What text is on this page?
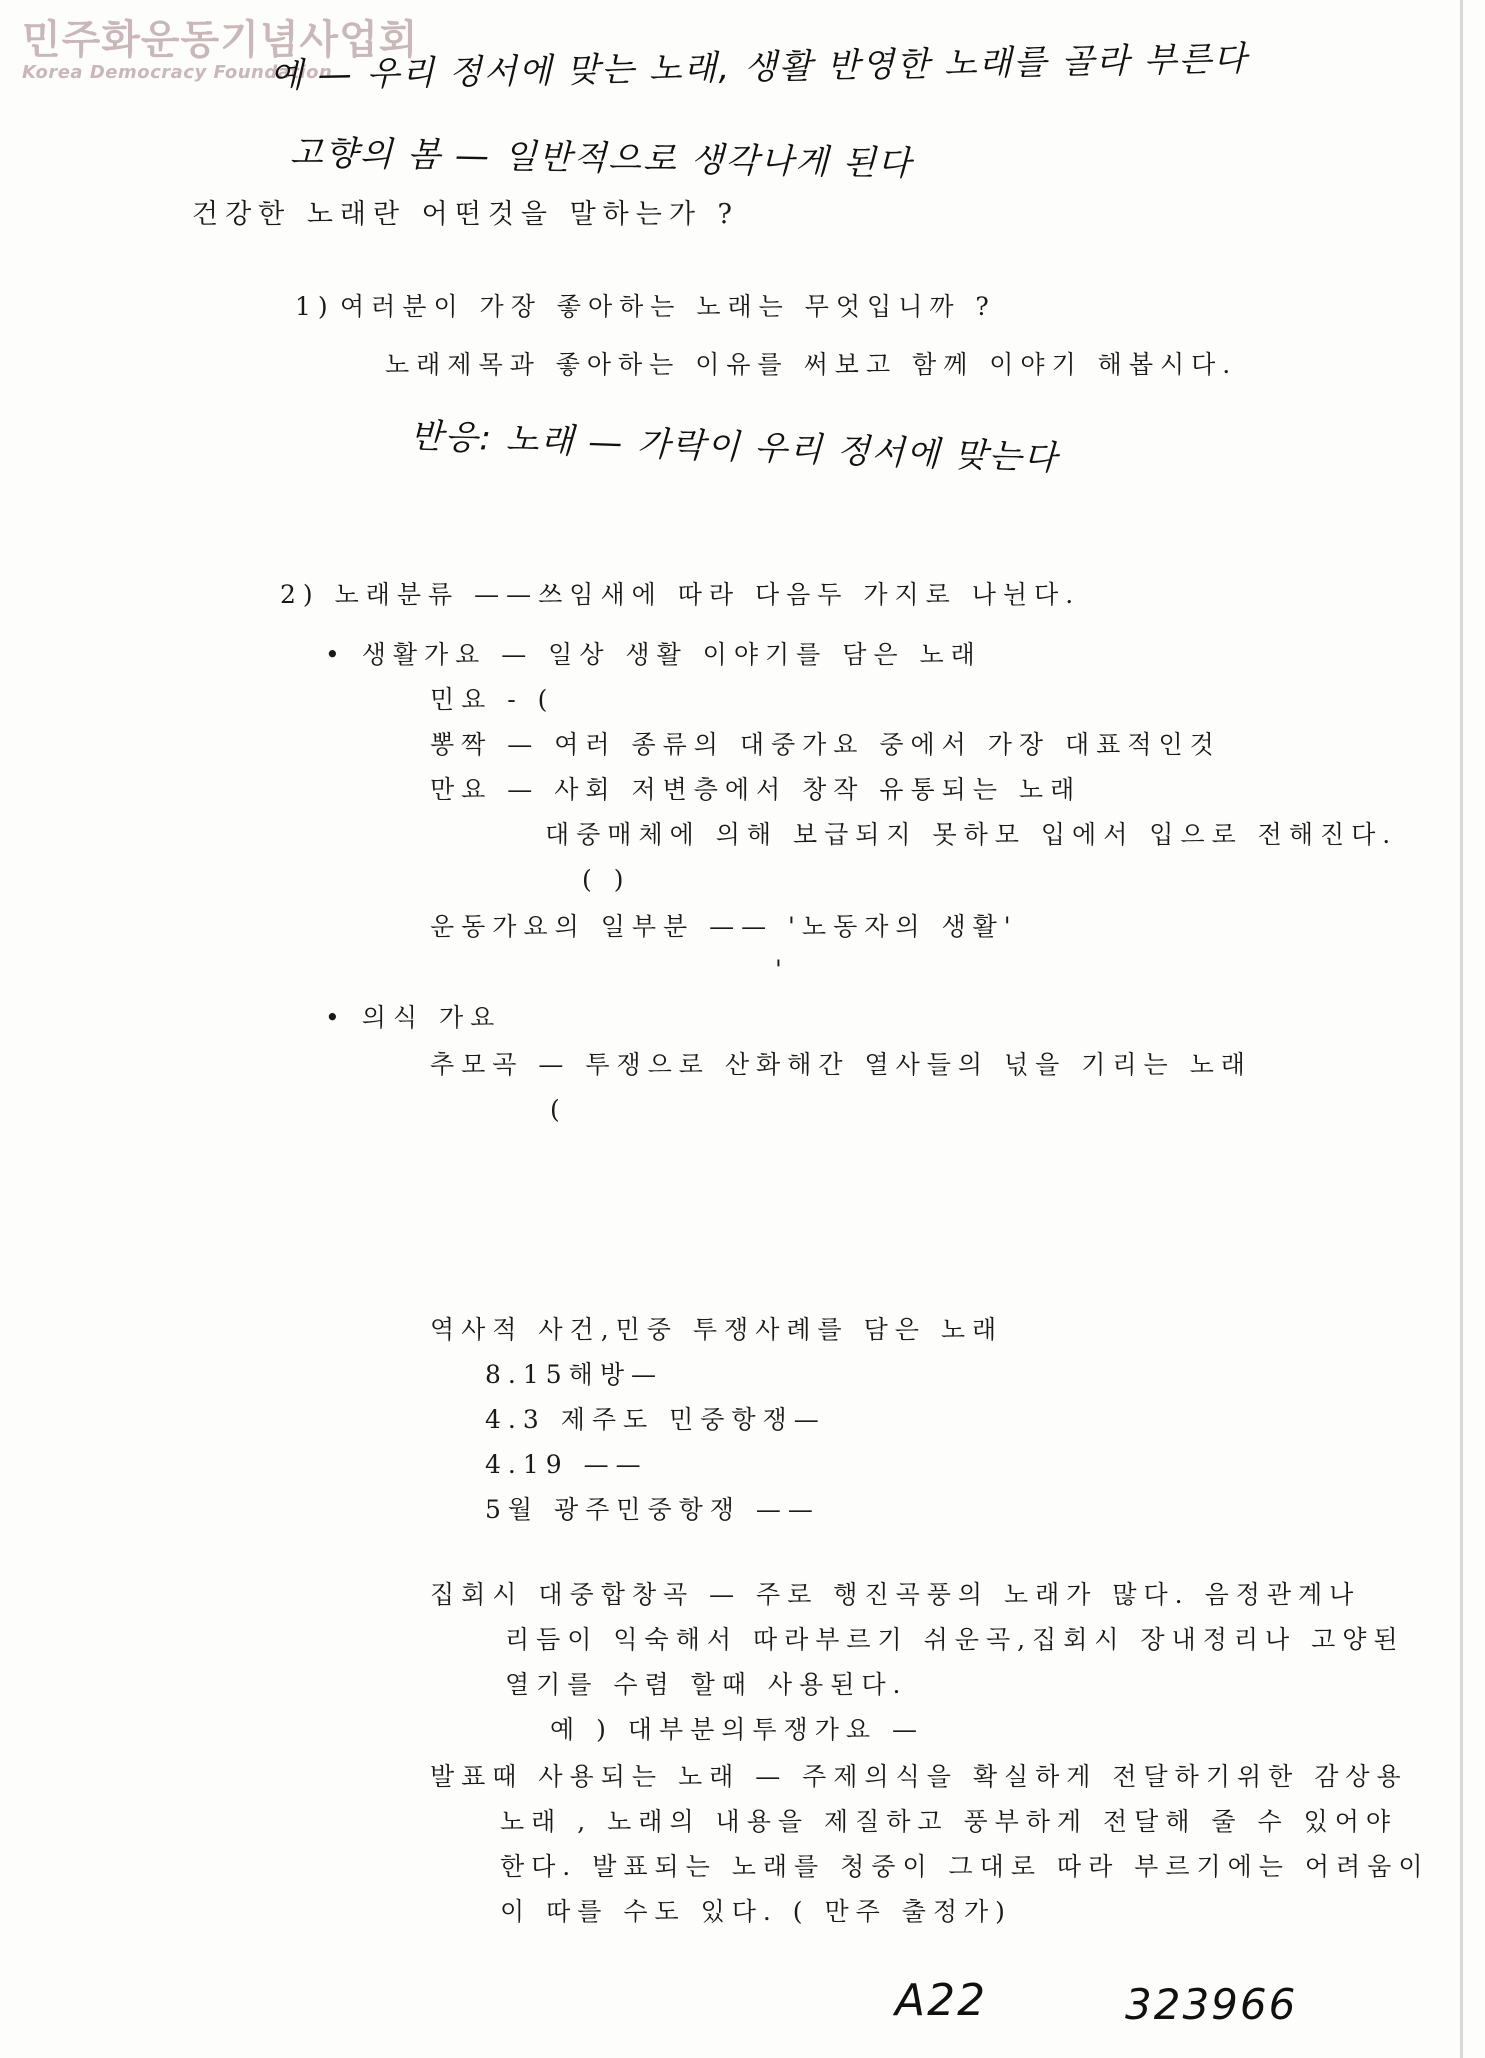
민주화운동기념사업회
Korea Democracy Foundation
예 — 우리 정서에 맞는 노래, 생활 반영한 노래를 골라 부른다
고향의 봄 — 일반적으로 생각나게 된다
건강한 노래란 어떤것을 말하는가 ?
1) 여러분이 가장 좋아하는 노래는 무엇입니까 ?
노래제목과 좋아하는 이유를 써보고 함께 이야기 해봅시다.
반응: 노래 — 가락이 우리 정서에 맞는다
2) 노래분류 ——쓰임새에 따라 다음두 가지로 나뉜다.
• 생활가요 — 일상 생활 이야기를 담은 노래
민요 - (
뽕짝 — 여러 종류의 대중가요 중에서 가장 대표적인것
만요 — 사회 저변층에서 창작 유통되는 노래
대중매체에 의해 보급되지 못하모 입에서 입으로 전해진다.
( )
운동가요의 일부분 —— '노동자의 생활'
'
• 의식 가요
추모곡 — 투쟁으로 산화해간 열사들의 넋을 기리는 노래
(
역사적 사건,민중 투쟁사례를 담은 노래
8.15해방—
4.3 제주도 민중항쟁—
4.19 ——
5월 광주민중항쟁 ——
집회시 대중합창곡 — 주로 행진곡풍의 노래가 많다. 음정관계나
리듬이 익숙해서 따라부르기 쉬운곡,집회시 장내정리나 고양된
열기를 수렴 할때 사용된다.
예 ) 대부분의투쟁가요 —
발표때 사용되는 노래 — 주제의식을 확실하게 전달하기위한 감상용
노래 , 노래의 내용을 제질하고 풍부하게 전달해 줄 수 있어야
한다. 발표되는 노래를 청중이 그대로 따라 부르기에는 어려움이
이 따를 수도 있다. ( 만주 출정가)
A22	323966
